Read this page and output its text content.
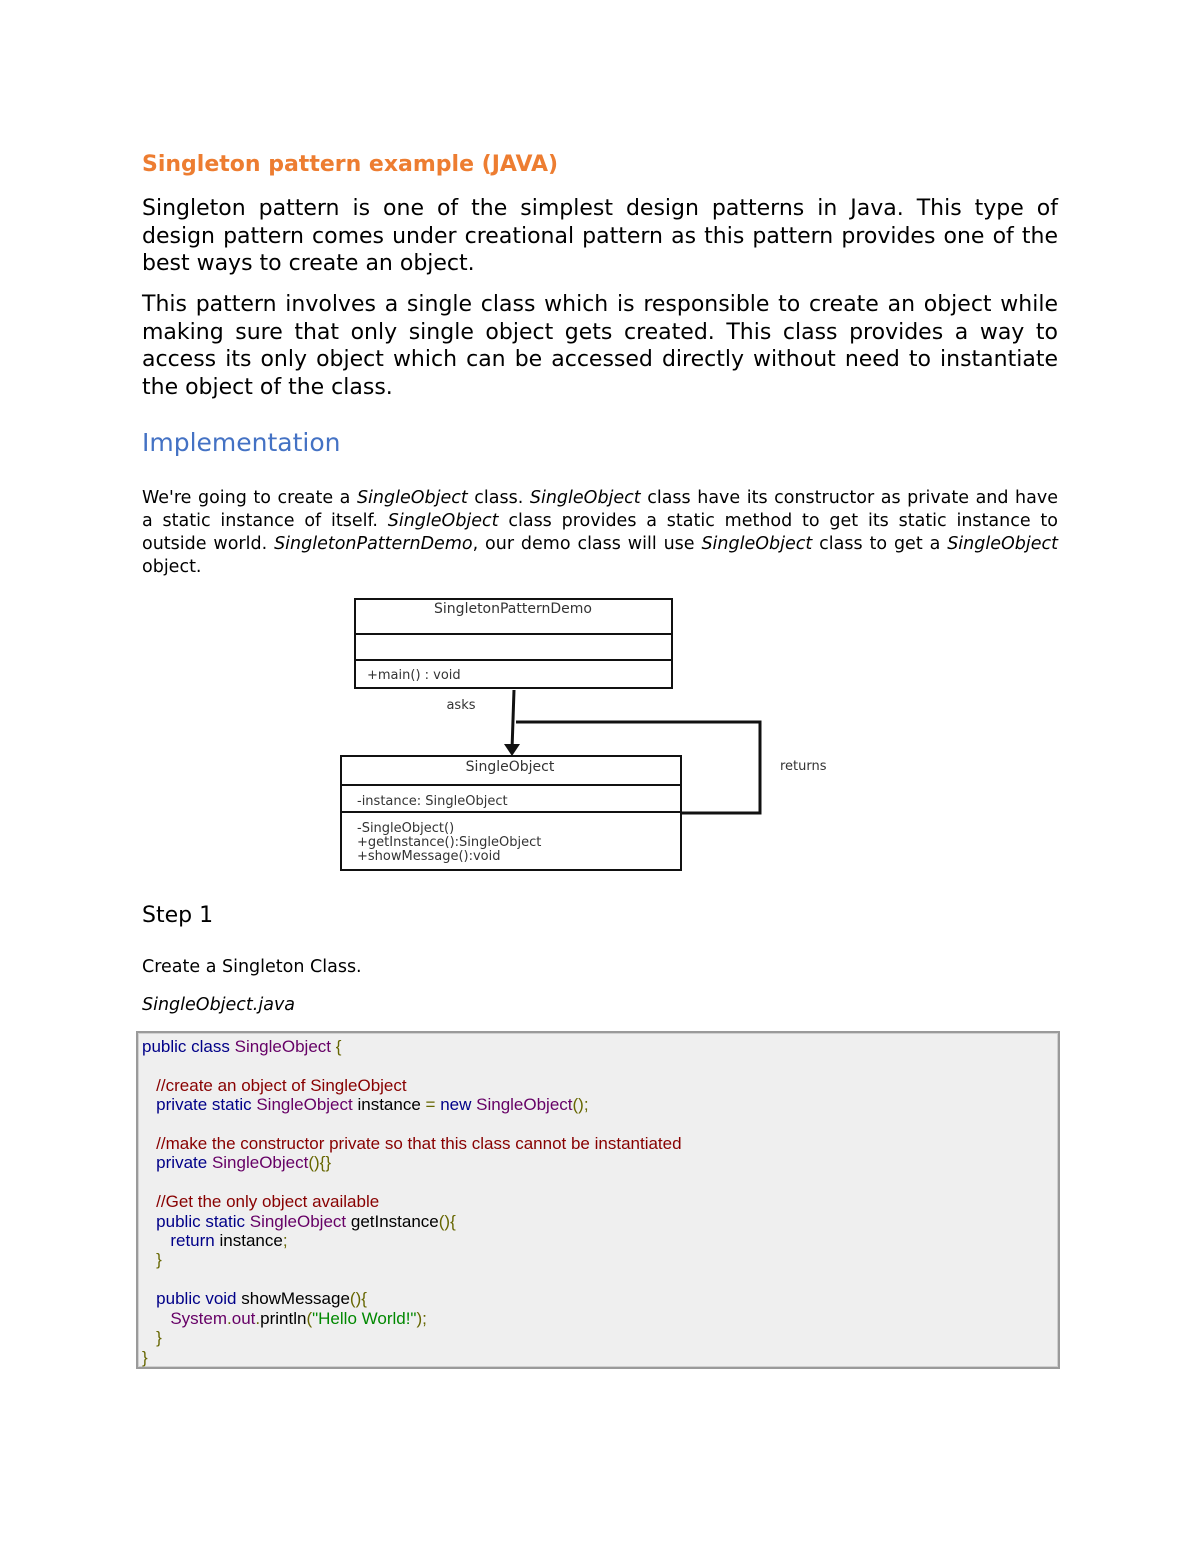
Singleton pattern example (JAVA)
Singleton pattern is one of the simplest design patterns in Java. This type of design pattern comes under creational pattern as this pattern provides one of the best ways to create an object.
This pattern involves a single class which is responsible to create an object while making sure that only single object gets created. This class provides a way to access its only object which can be accessed directly without need to instantiate the object of the class.
Implementation
We're going to create a SingleObject class. SingleObject class have its constructor as private and have a static instance of itself. SingleObject class provides a static method to get its static instance to outside world. SingletonPatternDemo, our demo class will use SingleObject class to get a SingleObject object.
SingletonPatternDemo
+main() : void
asks
SingleObject
-instance: SingleObject
-SingleObject()
+getInstance():SingleObject
+showMessage():void
returns
Step 1
Create a Singleton Class.
SingleObject.java
public class SingleObject {

//create an object of SingleObject
private static SingleObject instance = new SingleObject();

//make the constructor private so that this class cannot be instantiated
private SingleObject(){}

//Get the only object available
public static SingleObject getInstance(){
return instance;
}

public void showMessage(){
System.out.println("Hello World!");
}
}
